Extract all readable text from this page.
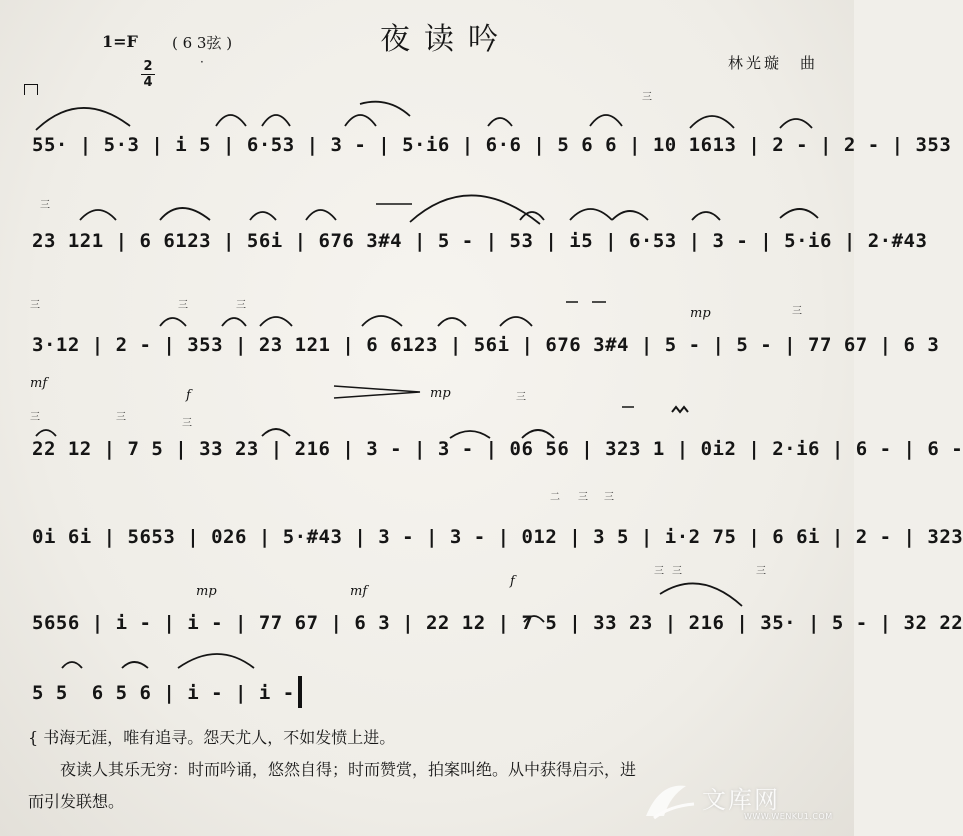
1=F ( 6 3弦 )
·
夜读吟
2
4
林光璇　曲
55· | 5·3 | i 5 | 6·53 | 3 - | 5·i6 | 6·6 | 5 6 6 | 10 1613 | 2 - | 2 - | 353
23 121 | 6 6123 | 56i | 676 3#4 | 5 - | 53 | i5 | 6·53 | 3 - | 5·i6 | 2·#43
3·12 | 2 - | 353 | 23 121 | 6 6123 | 56i | 676 3#4 | 5 - | 5 - | 77 67 | 6 3
22 12 | 7 5 | 33 23 | 216 | 3 - | 3 - | 06 56 | 323 1 | 0i2 | 2·i6 | 6 - | 6 -
0i 6i | 5653 | 026 | 5·#43 | 3 - | 3 - | 012 | 3 5 | i·2 75 | 6 6i | 2 - | 323
5656 | i - | i - | 77 67 | 6 3 | 22 12 | 7 5 | 33 23 | 216 | 35· | 5 - | 32 22
5 5  6 5 6 | i - | i -
mf
f	mp
mp
mf
f
mp
三
三
三	三	三
三
三	三
三
三
二 三 三
三 三	三
{ 书海无涯，唯有追寻。怨天尤人，不如发愤上进。
夜读人其乐无穷：时而吟诵，悠然自得；时而赞赏，拍案叫绝。从中获得启示，进
而引发联想。	文库网
WWW.WENKU1.COM
